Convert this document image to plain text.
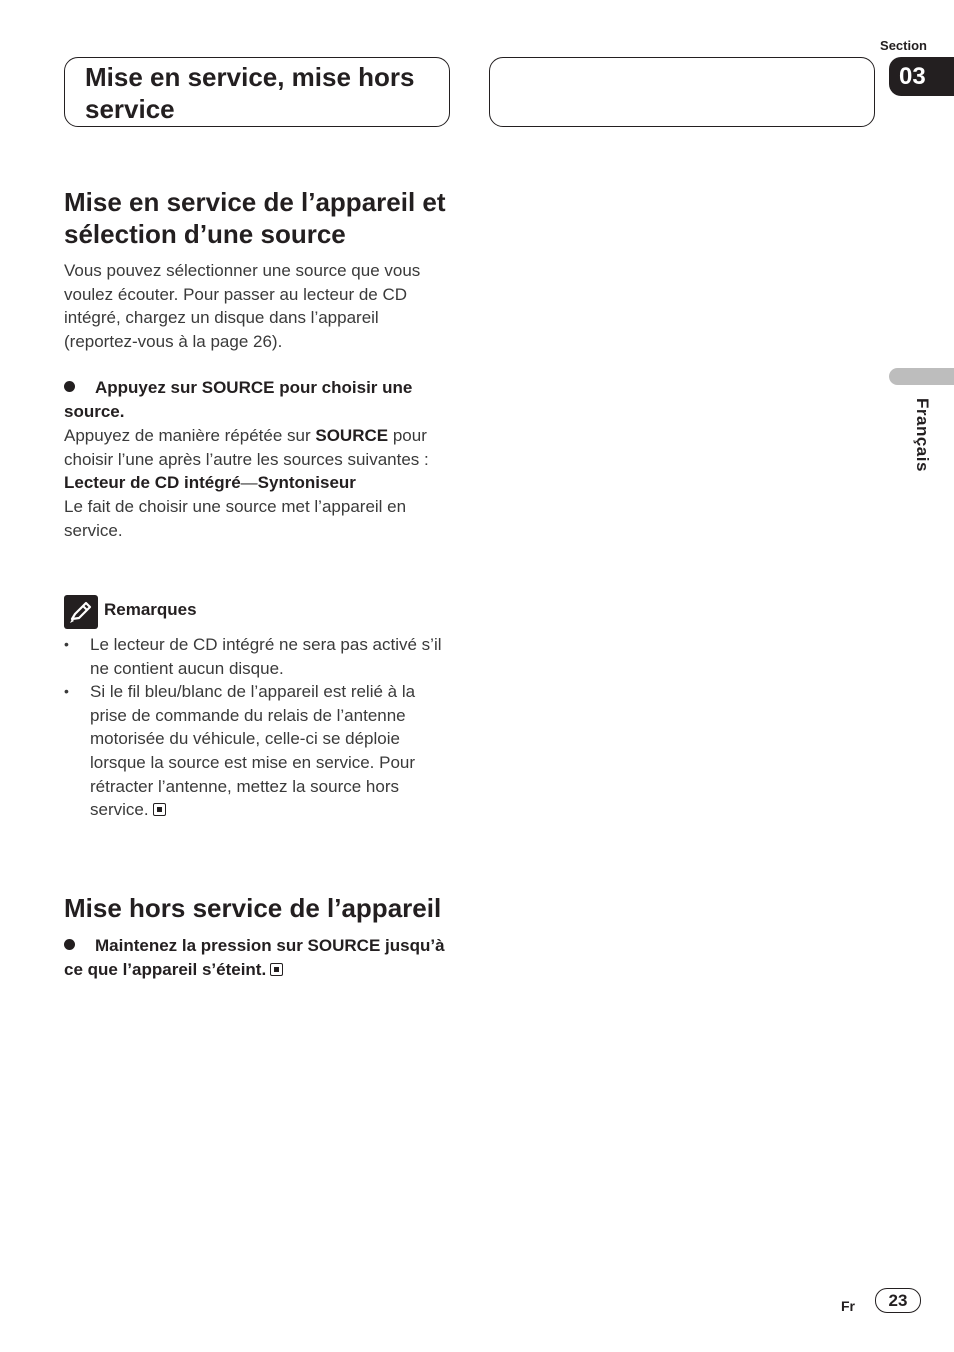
Mise en service, mise hors service
Section
03
Français
Mise en service de l’appareil et sélection d’une source

Vous pouvez sélectionner une source que vous voulez écouter. Pour passer au lecteur de CD intégré, chargez un disque dans l’appareil (reportez-vous à la page 26).

Appuyez sur SOURCE pour choisir une source.

Appuyez de manière répétée sur SOURCE pour choisir l’une après l’autre les sources suivantes :

Lecteur de CD intégré—Syntoniseur

Le fait de choisir une source met l’appareil en service.

Remarques
• Le lecteur de CD intégré ne sera pas activé s’il ne contient aucun disque.
• Si le fil bleu/blanc de l’appareil est relié à la prise de commande du relais de l’antenne motorisée du véhicule, celle-ci se déploie lorsque la source est mise en service. Pour rétracter l’antenne, mettez la source hors service.
Mise hors service de l’appareil

Maintenez la pression sur SOURCE jusqu’à ce que l’appareil s’éteint.

Fr	23
